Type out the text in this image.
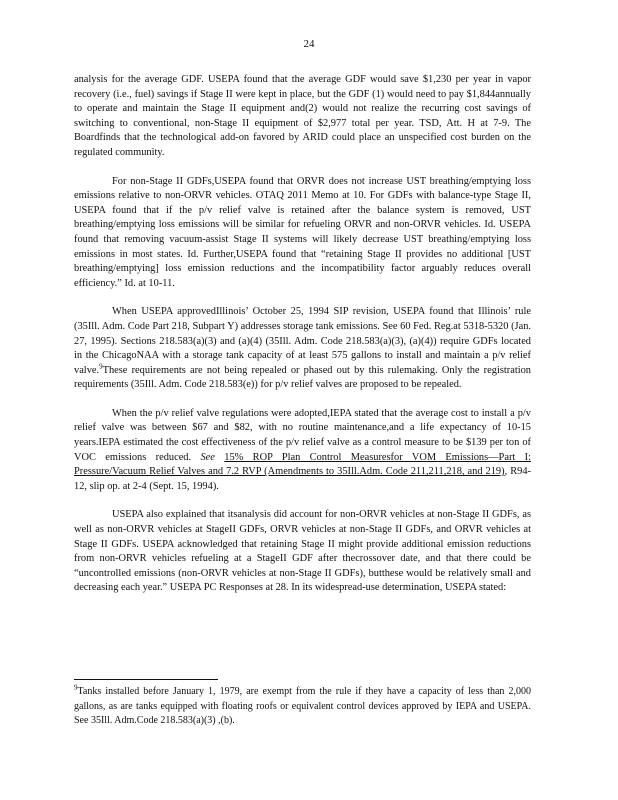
24

analysis for the average GDF. USEPA found that the average GDF would save $1,230 per year in vapor recovery (i.e., fuel) savings if Stage II were kept in place, but the GDF (1) would need to pay $1,844annually to operate and maintain the Stage II equipment and(2) would not realize the recurring cost savings of switching to conventional, non-Stage II equipment of $2,977 total per year. TSD, Att. H at 7-9. The Boardfinds that the technological add-on favored by ARID could place an unspecified cost burden on the regulated community.

For non-Stage II GDFs,USEPA found that ORVR does not increase UST breathing/emptying loss emissions relative to non-ORVR vehicles. OTAQ 2011 Memo at 10. For GDFs with balance-type Stage II, USEPA found that if the p/v relief valve is retained after the balance system is removed, UST breathing/emptying loss emissions will be similar for refueling ORVR and non-ORVR vehicles. Id. USEPA found that removing vacuum-assist Stage II systems will likely decrease UST breathing/emptying loss emissions in most states. Id. Further,USEPA found that “retaining Stage II provides no additional [UST breathing/emptying] loss emission reductions and the incompatibility factor arguably reduces overall efficiency.” Id. at 10-11.

When USEPA approvedIllinois’ October 25, 1994 SIP revision, USEPA found that Illinois’ rule (35Ill. Adm. Code Part 218, Subpart Y) addresses storage tank emissions. See 60 Fed. Reg.at 5318-5320 (Jan. 27, 1995). Sections 218.583(a)(3) and (a)(4) (35Ill. Adm. Code 218.583(a)(3), (a)(4)) require GDFs located in the ChicagoNAA with a storage tank capacity of at least 575 gallons to install and maintain a p/v relief valve.$^9$These requirements are not being repealed or phased out by this rulemaking. Only the registration requirements (35Ill. Adm. Code 218.583(e)) for p/v relief valves are proposed to be repealed.

When the p/v relief valve regulations were adopted,IEPA stated that the average cost to install a p/v relief valve was between $67 and $82, with no routine maintenance,and a life expectancy of 10-15 years.IEPA estimated the cost effectiveness of the p/v relief valve as a control measure to be $139 per ton of VOC emissions reduced. See 15% ROP Plan Control Measuresfor VOM Emissions—Part I: Pressure/Vacuum Relief Valves and 7.2 RVP (Amendments to 35Ill.Adm. Code 211,211,218, and 219), R94-12, slip op. at 2-4 (Sept. 15, 1994).

USEPA also explained that itsanalysis did account for non-ORVR vehicles at non-Stage II GDFs, as well as non-ORVR vehicles at StageII GDFs, ORVR vehicles at non-Stage II GDFs, and ORVR vehicles at Stage II GDFs. USEPA acknowledged that retaining Stage II might provide additional emission reductions from non-ORVR vehicles refueling at a StageII GDF after thecrossover date, and that there could be “uncontrolled emissions (non-ORVR vehicles at non-Stage II GDFs), butthese would be relatively small and decreasing each year.” USEPA PC Responses at 28. In its widespread-use determination, USEPA stated:

$^9$Tanks installed before January 1, 1979, are exempt from the rule if they have a capacity of less than 2,000 gallons, as are tanks equipped with floating roofs or equivalent control devices approved by IEPA and USEPA. See 35Ill. Adm.Code 218.583(a)(3) ,(b).
